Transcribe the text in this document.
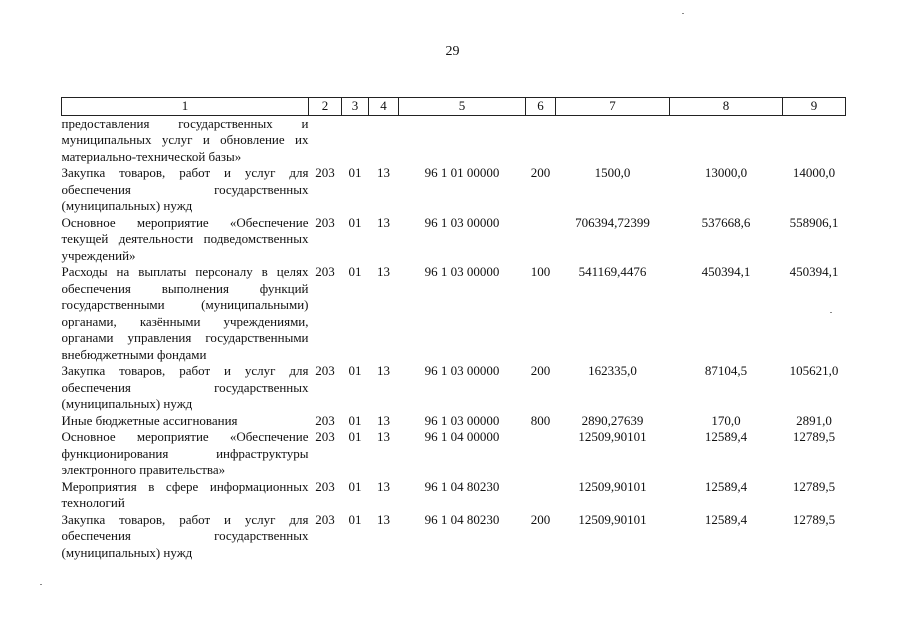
29
1	2	3	4	5	6	7	8	9
предоставления государственных и муниципальных услуг и обновление их материально-технической базы»								
Закупка товаров, работ и услуг для обеспечения государственных (муниципальных) нужд	203	01	13	96 1 01 00000	200	1500,0	13000,0	14000,0
Основное мероприятие «Обеспечение текущей деятельности подведомственных учреждений»	203	01	13	96 1 03 00000		706394,72399	537668,6	558906,1
Расходы на выплаты персоналу в целях обеспечения выполнения функций государственными (муниципальными) органами, казёнными учреждениями, органами управления государственными внебюджетными фондами	203	01	13	96 1 03 00000	100	541169,4476	450394,1	450394,1
Закупка товаров, работ и услуг для обеспечения государственных (муниципальных) нужд	203	01	13	96 1 03 00000	200	162335,0	87104,5	105621,0
Иные бюджетные ассигнования	203	01	13	96 1 03 00000	800	2890,27639	170,0	2891,0
Основное мероприятие «Обеспечение функционирования инфраструктуры электронного правительства»	203	01	13	96 1 04 00000		12509,90101	12589,4	12789,5
Мероприятия в сфере информационных технологий	203	01	13	96 1 04 80230		12509,90101	12589,4	12789,5
Закупка товаров, работ и услуг для обеспечения государственных (муниципальных) нужд	203	01	13	96 1 04 80230	200	12509,90101	12589,4	12789,5
